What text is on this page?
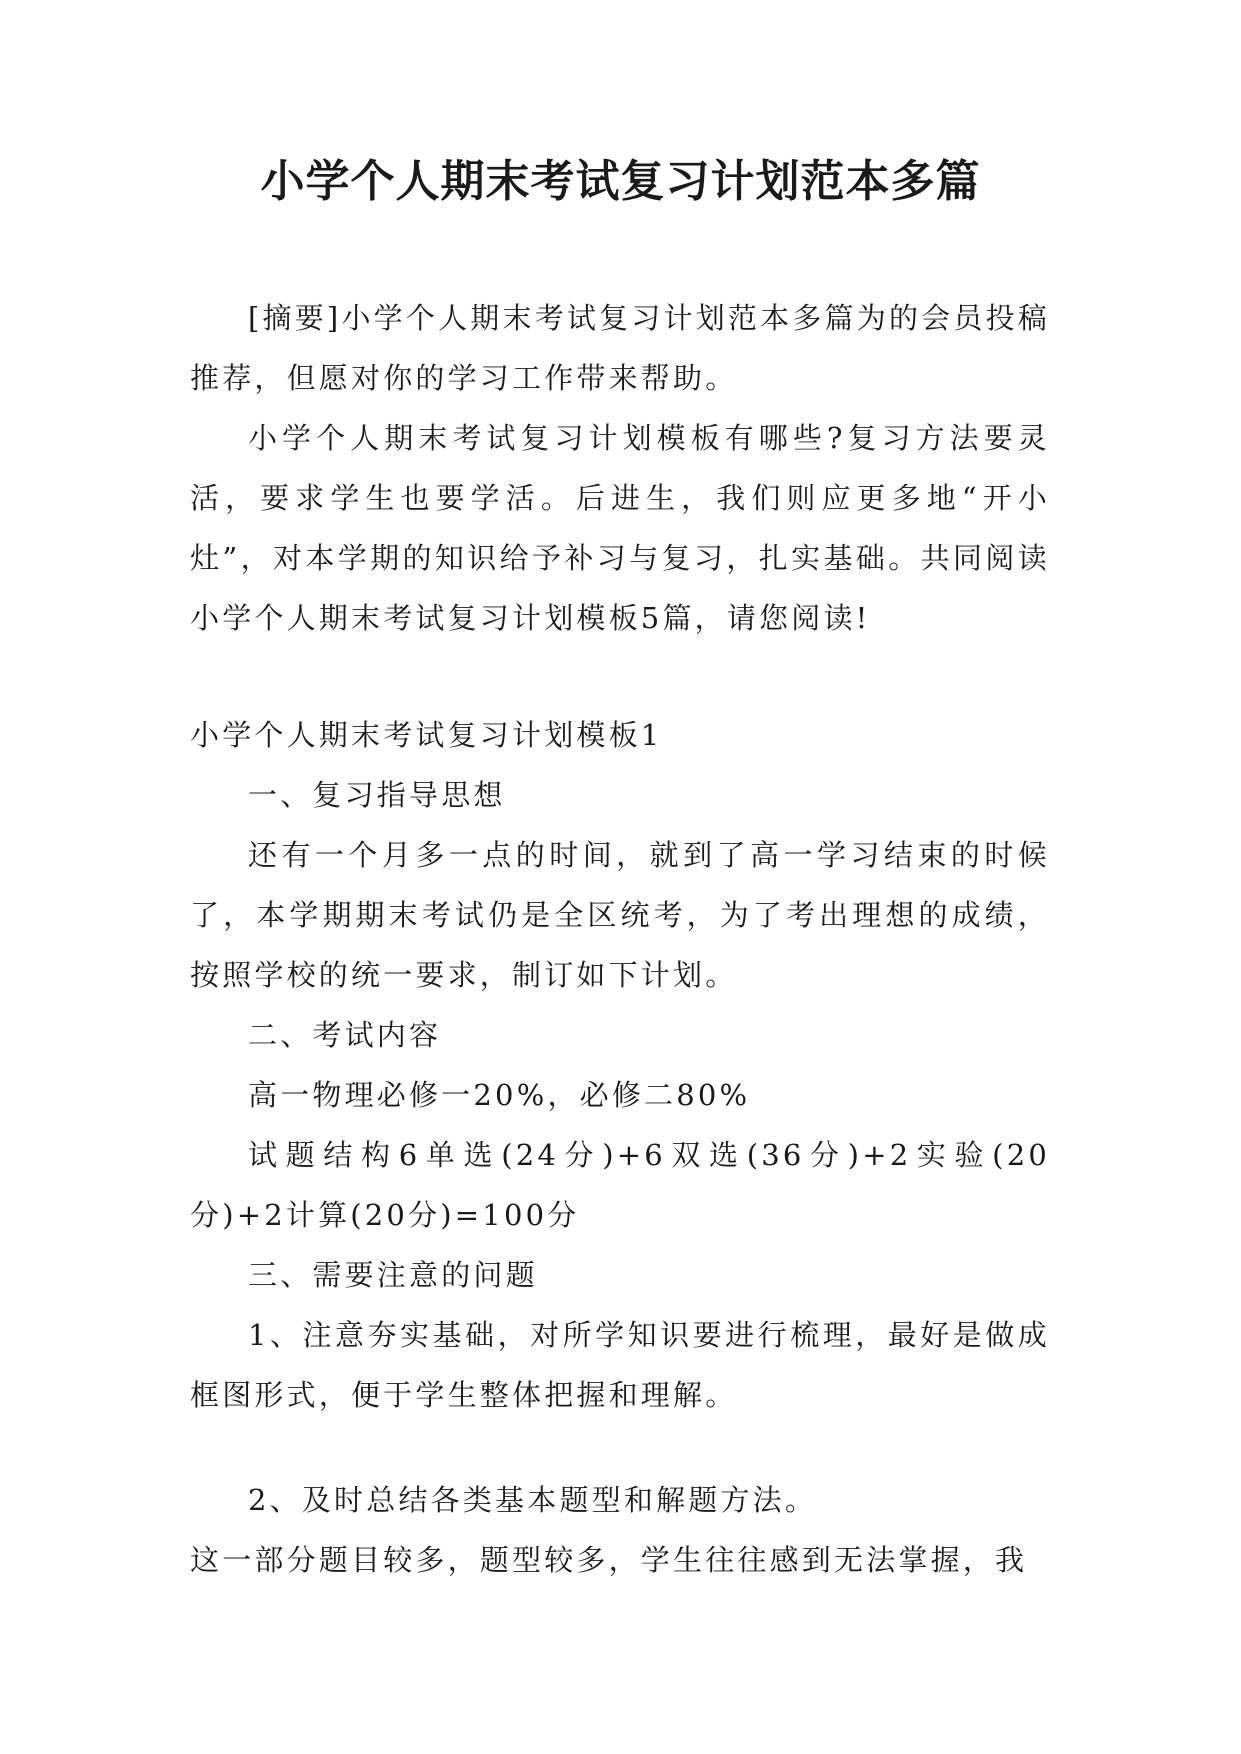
小学个人期末考试复习计划范本多篇

[摘要]小学个人期末考试复习计划范本多篇为的会员投稿推荐，但愿对你的学习工作带来帮助。

小学个人期末考试复习计划模板有哪些?复习方法要灵活，要求学生也要学活。后进生，我们则应更多地“开小灶”，对本学期的知识给予补习与复习，扎实基础。共同阅读小学个人期末考试复习计划模板5篇，请您阅读!

小学个人期末考试复习计划模板1

一、复习指导思想

还有一个月多一点的时间，就到了高一学习结束的时候了，本学期期末考试仍是全区统考，为了考出理想的成绩，按照学校的统一要求，制订如下计划。

二、考试内容

高一物理必修一20%，必修二80%

试题结构6单选(24分)+6双选(36分)+2实验(20分)+2计算(20分)=100分

三、需要注意的问题

1、注意夯实基础，对所学知识要进行梳理，最好是做成框图形式，便于学生整体把握和理解。

2、及时总结各类基本题型和解题方法。

这一部分题目较多，题型较多，学生往往感到无法掌握，我
